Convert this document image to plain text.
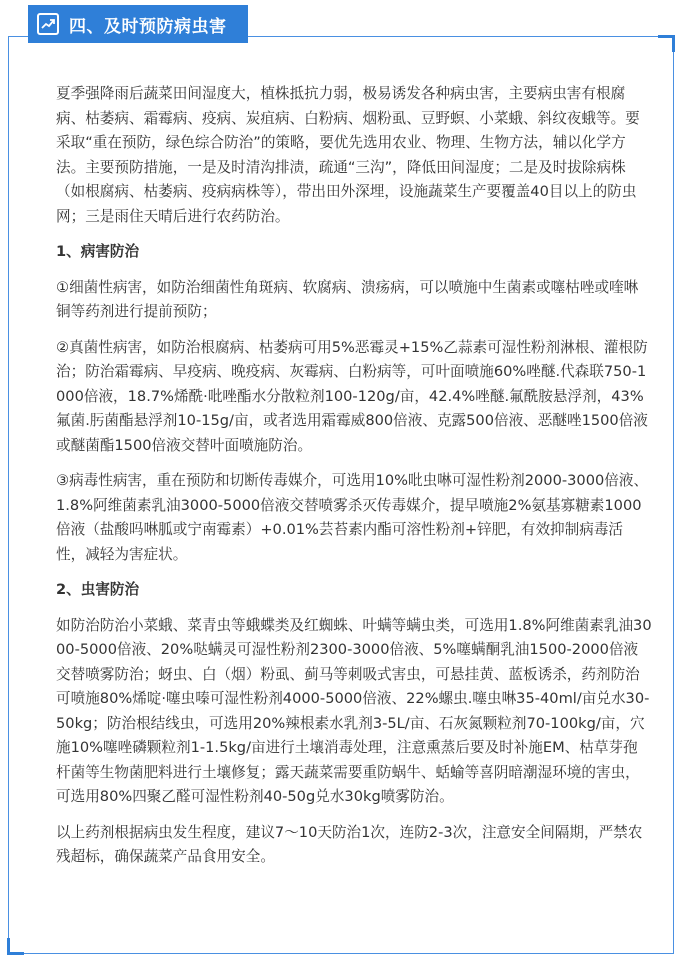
四、及时预防病虫害

夏季强降雨后蔬菜田间湿度大，植株抵抗力弱，极易诱发各种病虫害，主要病虫害有根腐病、枯萎病、霜霉病、疫病、炭疽病、白粉病、烟粉虱、豆野螟、小菜蛾、斜纹夜蛾等。要采取“重在预防，绿色综合防治”的策略，要优先选用农业、物理、生物方法，辅以化学方法。主要预防措施，一是及时清沟排渍，疏通“三沟”，降低田间湿度；二是及时拔除病株（如根腐病、枯萎病、疫病病株等），带出田外深埋，设施蔬菜生产要覆盖40目以上的防虫网；三是雨住天晴后进行农药防治。

1、病害防治

①细菌性病害，如防治细菌性角斑病、软腐病、溃疡病，可以喷施中生菌素或噻枯唑或喹啉铜等药剂进行提前预防；

②真菌性病害，如防治根腐病、枯萎病可用5%恶霉灵+15%乙蒜素可湿性粉剂淋根、灌根防治；防治霜霉病、早疫病、晚疫病、灰霉病、白粉病等，可叶面喷施60%唑醚.代森联750-1000倍液，18.7%烯酰·吡唑酯水分散粒剂100-120g/亩，42.4%唑醚.氟酰胺悬浮剂，43%氟菌.肟菌酯悬浮剂10-15g/亩，或者选用霜霉威800倍液、克露500倍液、恶醚唑1500倍液或醚菌酯1500倍液交替叶面喷施防治。

③病毒性病害，重在预防和切断传毒媒介，可选用10%吡虫啉可湿性粉剂2000-3000倍液、1.8%阿维菌素乳油3000-5000倍液交替喷雾杀灭传毒媒介，提早喷施2%氨基寡糖素1000倍液（盐酸吗啉胍或宁南霉素）+0.01%芸苔素内酯可溶性粉剂+锌肥，有效抑制病毒活性，减轻为害症状。

2、虫害防治

如防治防治小菜蛾、菜青虫等蛾蝶类及红蜘蛛、叶螨等螨虫类，可选用1.8%阿维菌素乳油3000-5000倍液、20%哒螨灵可湿性粉剂2300-3000倍液、5%噻螨酮乳油1500-2000倍液交替喷雾防治；蚜虫、白（烟）粉虱、蓟马等刺吸式害虫，可悬挂黄、蓝板诱杀，药剂防治可喷施80%烯啶·噻虫嗪可湿性粉剂4000-5000倍液、22%螺虫.噻虫啉35-40ml/亩兑水30-50kg；防治根结线虫，可选用20%辣根素水乳剂3-5L/亩、石灰氮颗粒剂70-100kg/亩，穴施10%噻唑磷颗粒剂1-1.5kg/亩进行土壤消毒处理，注意熏蒸后要及时补施EM、枯草芽孢杆菌等生物菌肥料进行土壤修复；露天蔬菜需要重防蜗牛、蛞蝓等喜阴暗潮湿环境的害虫，可选用80%四聚乙醛可湿性粉剂40-50g兑水30kg喷雾防治。

以上药剂根据病虫发生程度，建议7～10天防治1次，连防2-3次，注意安全间隔期，严禁农残超标，确保蔬菜产品食用安全。
